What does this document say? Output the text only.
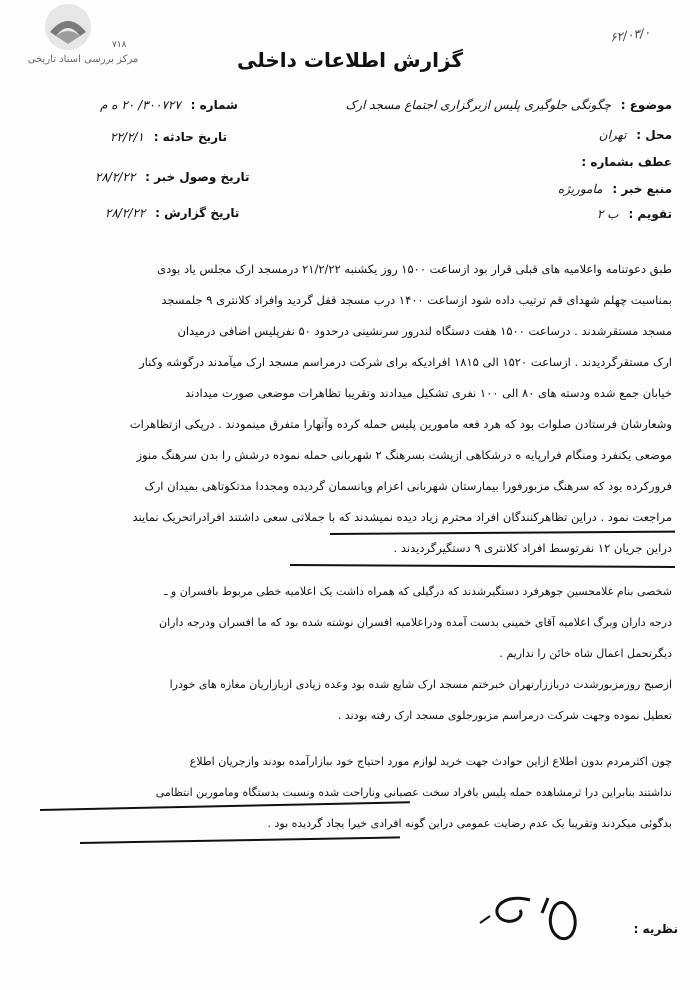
مرکز بررسی اسناد تاریخی
۶۲/۰۳/۰
۷۱۸
گزارش اطلاعات داخلی
موضوع : چگونگی جلوگیری پلیس ازبرگزاری اجتماع مسجد ارک
محل : تهران
عطف بشماره :
منبع خبر : ماموریژه
تقویم : ب ۲
شماره : ۳۰۰۷۲۷/ ۲۰ ه م
تاریخ حادثه : ۲۲/۲/۱
تاریخ وصول خبر : ۲۸/۲/۲۲
تاریخ گزارش : ۲۸/۲/۲۲
طبق دعوتنامه واعلامیه های قبلی قرار بود ازساعت ۱۵۰۰ روز یکشنبه ۲۱/۲/۲۲ درمسجد ارک مجلس یاد بودی
بمناسبت چهلم شهدای قم ترتیب داده شود ازساعت ۱۴۰۰ درب مسجد قفل گردید وافراد کلانتری ۹ جلمسجد
مسجد مستقرشدند . درساعت ۱۵۰۰ هفت دستگاه لندرور سرنشینی درحدود ۵۰ نفرپلیس اضافی درمیدان
ارک مستقرگردیدند . ازساعت ۱۵۲۰ الی ۱۸۱۵ افرادیکه برای شرکت درمراسم مسجد ارک میآمدند درگوشه وکنار
خیابان جمع شده ودسته های ۸۰ الی ۱۰۰ نفری تشکیل میدادند وتقریبا تظاهرات موضعی صورت میدادند
وشعارشان فرستادن صلوات بود که هرد فعه مامورین پلیس حمله کرده وآنهارا متفرق مینمودند . درپکی ازتظاهرات
موضعی یکنفرد ومنگام فرارپایه ه درشکاهی ازپشت بسرهنگ ۲ شهربانی حمله نموده درشش را بدن سرهنگ منوز
فرورکرده بود که سرهنگ مزبورفورا بیمارستان شهربانی اعزام وپانسمان گردیده ومجددا مدتکوتاهی بمیدان ارک
مراجعت نمود . دراین تظاهرکنندگان افراد محترم زیاد دیده نمیشدند که با جملاتی سعی داشتند افرادراتحریک نمایند
دراین جریان ۱۲ نفرتوسط افراد کلانتری ۹ دستگیرگردیدند .
شخصی بنام غلامحسین جوهرفرد دستگیرشدند که درگیلی که همراه داشت یک اعلامیه خطی مربوط بافسران و ـ
درجه داران وبرگ اعلامیه آقای خمینی بدست آمده ودراعلامیه افسران نوشته شده بود که ما افسران ودرجه داران
دیگرتحمل اعمال شاه خائن را نداریم .
ازصبح روزمزبورشدت درباززارتهران خبرختم مسجد ارک شایع شده بود وعده زیادی ازبازاریان مغازه های خودرا
تعطیل نموده وجهت شرکت درمراسم مزبورجلوی مسجد ارک رفته بودند .
چون اکثرمردم بدون اطلاع ازاین حوادث جهت خرید لوازم مورد احتیاج خود ببازارآمده بودند وازجریان اطلاع
نداشتند بنابراین درا ثرمشاهده حمله پلیس بافراد سخت عصبانی وناراحت شده ونسبت بدستگاه وماموربن انتظامی
بدگوئی میکردند وتقریبا یک عدم رضایت عمومی دراین گونه افرادی خیرا یجاد گردیده بود .
نظریه :
